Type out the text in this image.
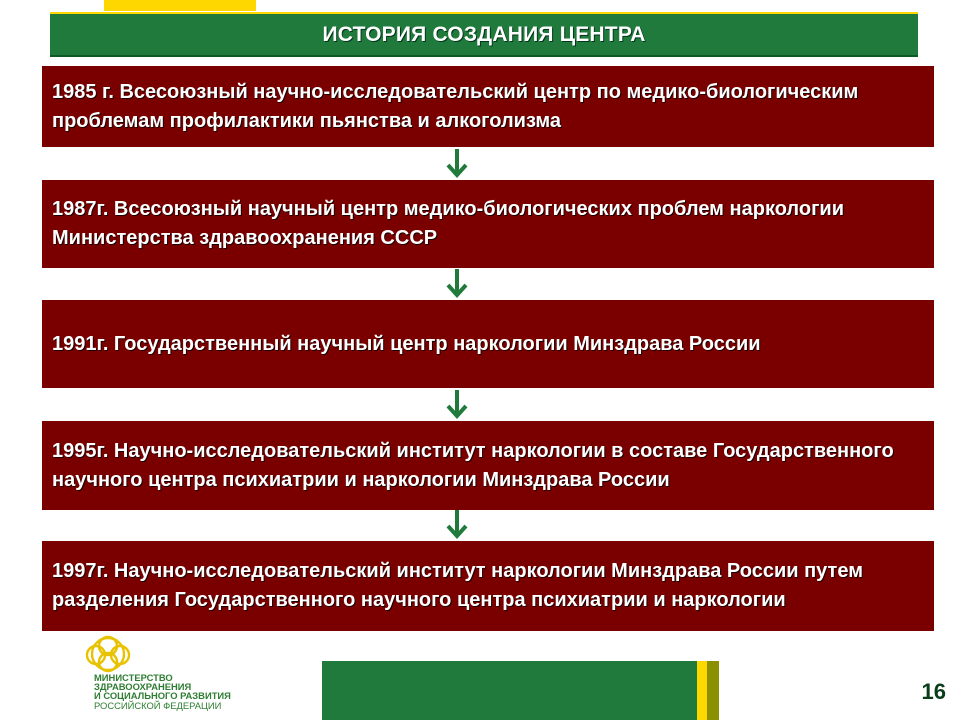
ИСТОРИЯ СОЗДАНИЯ ЦЕНТРА
1985 г. Всесоюзный научно-исследовательский центр по медико-биологическим проблемам профилактики пьянства и алкоголизма
1987г. Всесоюзный научный центр медико-биологических проблем наркологии Министерства здравоохранения СССР
1991г. Государственный научный центр наркологии Минздрава России
1995г. Научно-исследовательский институт наркологии в составе Государственного научного центра психиатрии и наркологии Минздрава России
1997г. Научно-исследовательский институт наркологии Минздрава России путем разделения Государственного научного центра психиатрии и наркологии
МИНИСТЕРСТВО
ЗДРАВООХРАНЕНИЯ
И СОЦИАЛЬНОГО РАЗВИТИЯ
РОССИЙСКОЙ ФЕДЕРАЦИИ
16
